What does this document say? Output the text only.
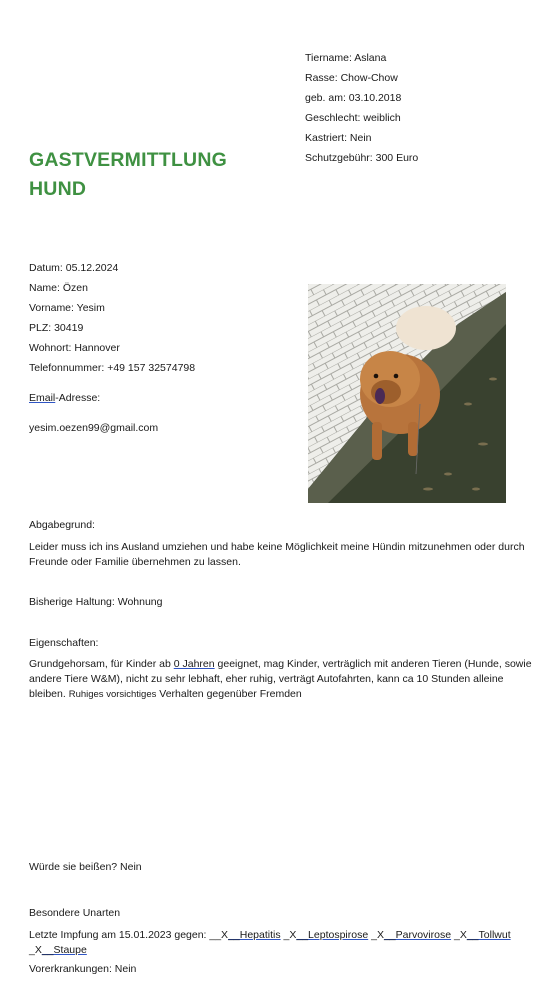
Tiername: Aslana
Rasse: Chow-Chow
geb. am: 03.10.2018
Geschlecht: weiblich
Kastriert: Nein
Schutzgebühr: 300 Euro
GASTVERMITTLUNG
HUND
Datum: 05.12.2024
Name: Özen
Vorname: Yesim
PLZ: 30419
Wohnort: Hannover
Telefonnummer: +49 157 32574798
Email-Adresse:
yesim.oezen99@gmail.com
Abgabegrund:
Leider muss ich ins Ausland umziehen und habe keine Möglichkeit meine Hündin mitzunehmen oder durch Freunde oder Familie übernehmen zu lassen.
Bisherige Haltung: Wohnung
Eigenschaften:
Grundgehorsam, für Kinder ab 0 Jahren geeignet, mag Kinder, verträglich mit anderen Tieren (Hunde, sowie andere Tiere W&M), nicht zu sehr lebhaft, eher ruhig, verträgt Autofahrten, kann ca 10 Stunden alleine bleiben. Ruhiges vorsichtiges Verhalten gegenüber Fremden
Würde sie beißen? Nein
Besondere Unarten
Letzte Impfung am 15.01.2023 gegen: __X__Hepatitis _X__Leptospirose _X__Parvovirose _X__Tollwut
_X__Staupe
Vorerkrankungen: Nein
